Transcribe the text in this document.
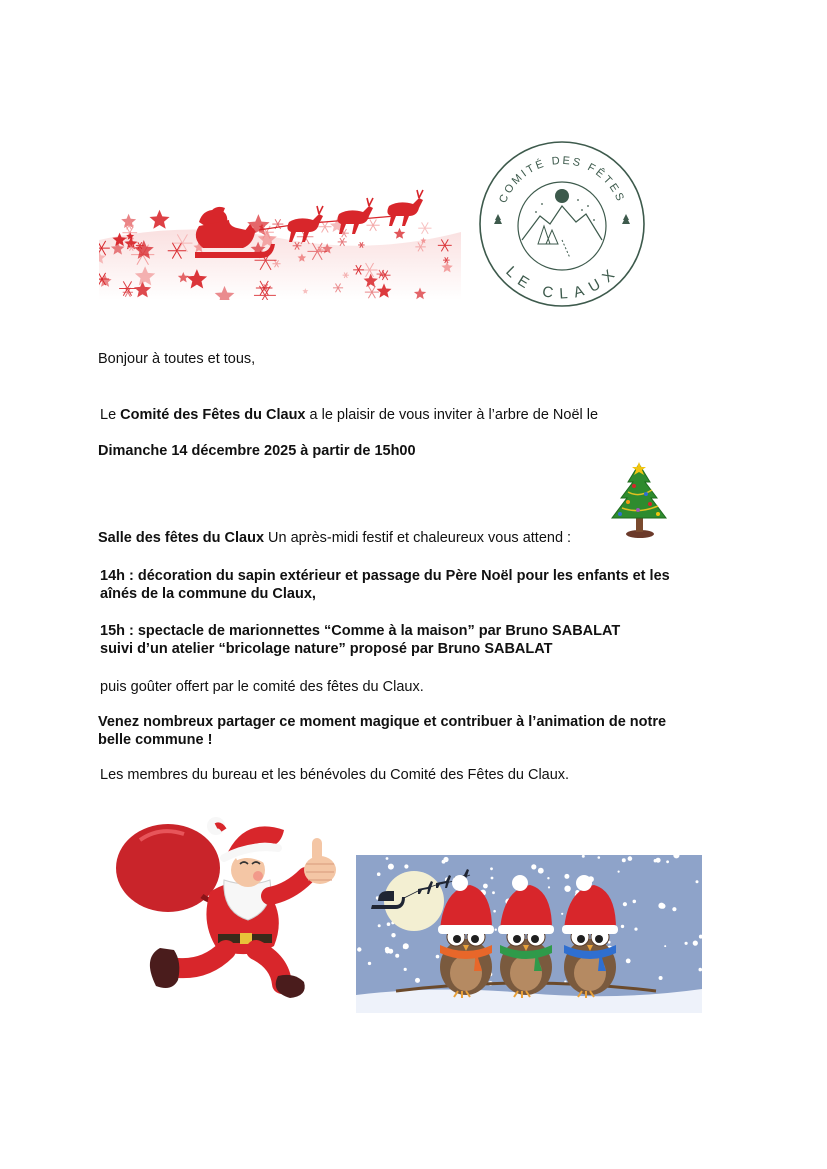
COMITÉ DES FÊTES
LE CLAUX
Bonjour à toutes et tous,
Le Comité des Fêtes du Claux a le plaisir de vous inviter à l’arbre de Noël le
Dimanche 14 décembre 2025 à partir de 15h00
Salle des fêtes du Claux Un après-midi festif et chaleureux vous attend :
14h : décoration du sapin extérieur et passage du Père Noël pour les enfants et les
aînés de la commune du Claux,
15h : spectacle de marionnettes “Comme à la maison” par Bruno SABALAT
suivi d’un atelier “bricolage nature” proposé par Bruno SABALAT
puis goûter offert par le comité des fêtes du Claux.
Venez nombreux partager ce moment magique et contribuer à l’animation de notre
belle commune !
Les membres du bureau et les bénévoles du Comité des Fêtes du Claux.
